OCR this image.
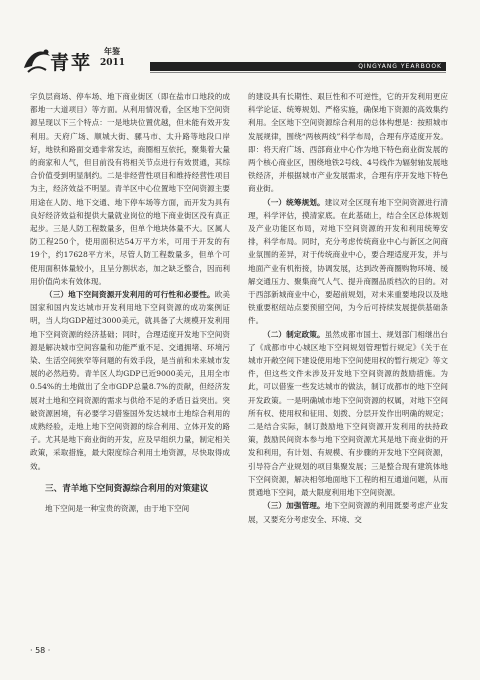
青苹
年鉴
2011	QINGYANG YEARBOOK

字负层商场、停车场、地下商业街区（即在盐市口地段的成都地一大道项目）等方面。从利用情况看，全区地下空间资源呈现以下三个特点：一是地块位置优越，但未能有效开发利用。天府广场、顺城大街、骡马市、太升路等地段口岸好，地铁和路面交通非常发达，商圈相互依托，聚集着大量的商家和人气，但目前没有将相关节点进行有效贯通，其综合价值受到明显制约。二是非经营性项目和维持经营性项目为主，经济效益不明显。青羊区中心位置地下空间资源主要用途在人防、地下交通、地下停车场等方面，而开发为具有良好经济效益和提供大量就业岗位的地下商业街区没有真正起步。三是人防工程数量多，但单个地块体量不大。区属人防工程250个，使用面积达54万平方米，可用于开发的有19个，约17628平方米，尽管人防工程数量多，但单个可使用面积体量较小，且呈分割状态，加之缺乏整合，因而利用价值尚未有效体现。

（三）地下空间资源开发利用的可行性和必要性。欧美国家和国内发达城市开发利用地下空间资源的成功案例证明，当人均GDP超过3000美元，就具备了大规模开发利用地下空间资源的经济基础；同时，合理适度开发地下空间资源是解决城市空间容量和功能严重不足、交通拥堵、环境污染、生活空间狭窄等问题的有效手段，是当前和未来城市发展的必然趋势。青羊区人均GDP已近9000美元，且用全市0.54%的土地做出了全市GDP总量8.7%的贡献，但经济发展对土地和空间资源的需求与供给不足的矛盾日益突出。突破资源困境，有必要学习借鉴国外发达城市土地综合利用的成熟经验，走地上地下空间资源的综合利用、立体开发的路子。尤其是地下商业街的开发，应及早组织力量，制定相关政策，采取措施，最大限度综合利用土地资源，尽快取得成效。

三、青羊地下空间资源综合利用的对策建议

地下空间是一种宝贵的资源，由于地下空间

的建设具有长期性、艰巨性和不可逆性，它的开发利用更应科学论证、统筹规划、严格实施，确保地下资源的高效集约利用。全区地下空间资源综合利用的总体构想是：按照城市发展规律，围绕“两核两线”科学布局，合理有序适度开发。即：将天府广场、西部商业中心作为地下特色商业街发展的两个核心商业区，围绕地铁2号线、4号线作为辐射轴发展地铁经济，并根据城市产业发展需求，合理有序开发地下特色商业街。

（一）统筹规划。建议对全区现有地下空间资源进行清理，科学评估，摸清家底。在此基础上，结合全区总体规划及产业功能区布局，对地下空间资源的开发和利用统筹安排，科学布局。同时，充分考虑传统商业中心与新区之间商业氛围的差异，对于传统商业中心，要合理适度开发，并与地面产业有机衔接，协调发展，达到改善商圈购物环境、缓解交通压力、聚集商气人气、提升商圈品质档次的目的。对于西部新城商业中心，要超前规划，对未来重要地段以及地铁重要枢纽站点要预留空间，为今后可持续发展提供基础条件。

（二）制定政策。虽然成都市国土、规划部门相继出台了《成都市中心城区地下空间规划管理暂行规定》《关于在城市开敞空间下建设使用地下空间使用权的暂行规定》等文件，但这些文件未涉及开发地下空间资源的鼓励措施。为此，可以借鉴一些发达城市的做法，制订成都市的地下空间开发政策。一是明确城市地下空间资源的权属，对地下空间所有权、使用权和征用、划拨、分层开发作出明确的规定；二是结合实际，制订鼓励地下空间资源开发利用的扶持政策，鼓励民间资本参与地下空间资源尤其是地下商业街的开发和利用，有计划、有规模、有步骤的开发地下空间资源，引导符合产业规划的项目集聚发展；三是整合现有建筑体地下空间资源，解决相邻地面地下工程的相互通道问题，从而贯通地下空间，最大限度利用地下空间资源。

（三）加强管理。地下空间资源的利用既要考虑产业发展，又要充分考虑安全、环境、交

· 58 ·
